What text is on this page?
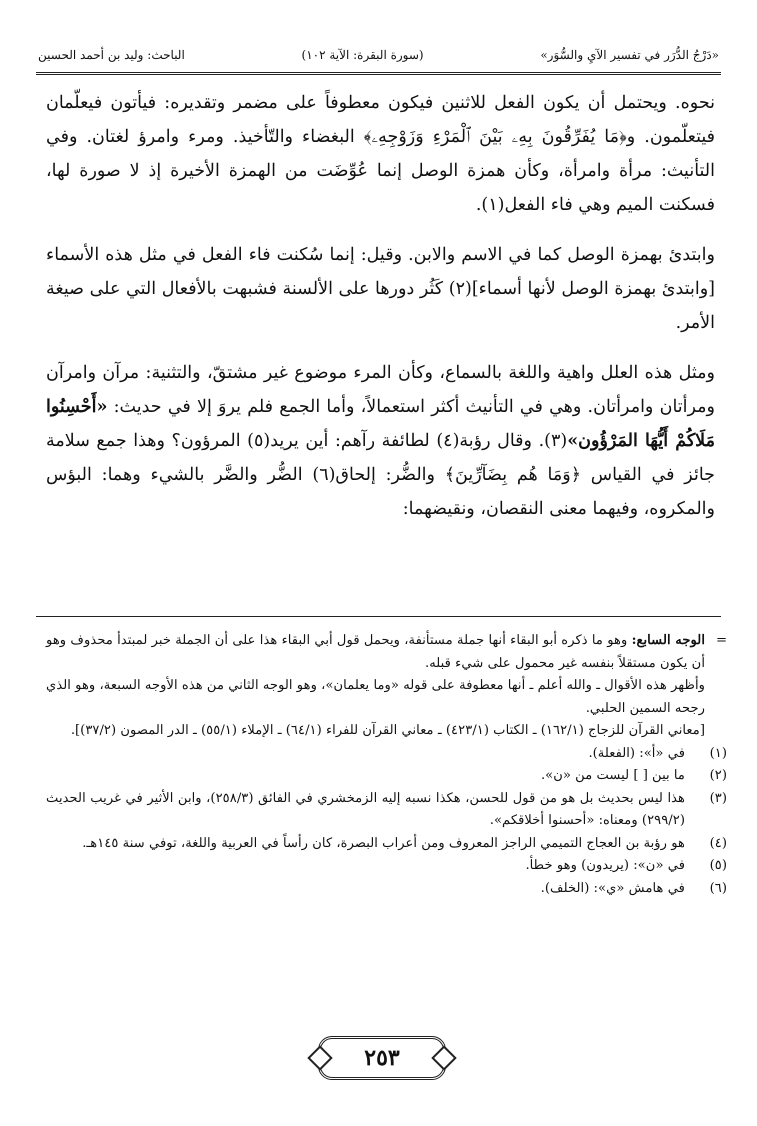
«دَرْجُ الدُّرَر في تفسير الآيِ والسُّوَر»
(سورة البقرة: الآية ١٠٢)
الباحث: وليد بن أحمد الحسين

نحوه. ويحتمل أن يكون الفعل للاثنين فيكون معطوفاً على مضمر وتقديره: فيأتون فيعلّمان فيتعلّمون. و﴿مَا يُفَرِّقُونَ بِهِۦ بَيْنَ ٱلْمَرْءِ وَزَوْجِهِۦ﴾ البغضاء والتّأخيذ. ومرء وامرؤ لغتان. وفي التأنيث: مرأة وامرأة، وكأن همزة الوصل إنما عُوِّضَت من الهمزة الأخيرة إذ لا صورة لها، فسكنت الميم وهي فاء الفعل(١).

وابتدئ بهمزة الوصل كما في الاسم والابن. وقيل: إنما سُكنت فاء الفعل في مثل هذه الأسماء [وابتدئ بهمزة الوصل لأنها أسماء](٢) كَثُر دورها على الألسنة فشبهت بالأفعال التي على صيغة الأمر.

ومثل هذه العلل واهية واللغة بالسماع، وكأن المرء موضوع غير مشتقّ، والتثنية: مرآن وامرآن ومرأتان وامرأتان. وهي في التأنيث أكثر استعمالاً، وأما الجمع فلم يروَ إلا في حديث: «أَحْسِنُوا مَلَاكُمْ أَيُّهَا المَرْؤُون»(٣). وقال رؤبة(٤) لطائفة رآهم: أين يريد(٥) المرؤون؟ وهذا جمع سلامة جائز في القياس ﴿وَمَا هُم بِضَآرِّينَ﴾ والضُّر: إلحاق(٦) الضُّر والضَّر بالشيء وهما: البؤس والمكروه، وفيهما معنى النقصان، ونقيضهما:

=

الوجه السابع: وهو ما ذكره أبو البقاء أنها جملة مستأنفة، ويحمل قول أبي البقاء هذا على أن الجملة خبر لمبتدأ محذوف وهو أن يكون مستقلاً بنفسه غير محمول على شيء قبله.

وأظهر هذه الأقوال ـ والله أعلم ـ أنها معطوفة على قوله «وما يعلمان»، وهو الوجه الثاني من هذه الأوجه السبعة، وهو الذي رجحه السمين الحلبي.

[معاني القرآن للزجاج (١٦٢/١) ـ الكتاب (٤٢٣/١) ـ معاني القرآن للفراء (٦٤/١) ـ الإملاء (٥٥/١) ـ الدر المصون (٣٧/٢)].

(١)
في «أ»: (الفعلة).
(٢)
ما بين [ ] ليست من «ن».
(٣)
هذا ليس بحديث بل هو من قول للحسن، هكذا نسبه إليه الزمخشري في الفائق (٢٥٨/٣)، وابن الأثير في غريب الحديث (٢٩٩/٢) ومعناه: «أحسنوا أخلاقكم».
(٤)
هو رؤبة بن العجاج التميمي الراجز المعروف ومن أعراب البصرة، كان رأساً في العربية واللغة، توفي سنة ١٤٥هـ.
(٥)
في «ن»: (يريدون) وهو خطأ.
(٦)
في هامش «ي»: (الخلف).
٢٥٣
